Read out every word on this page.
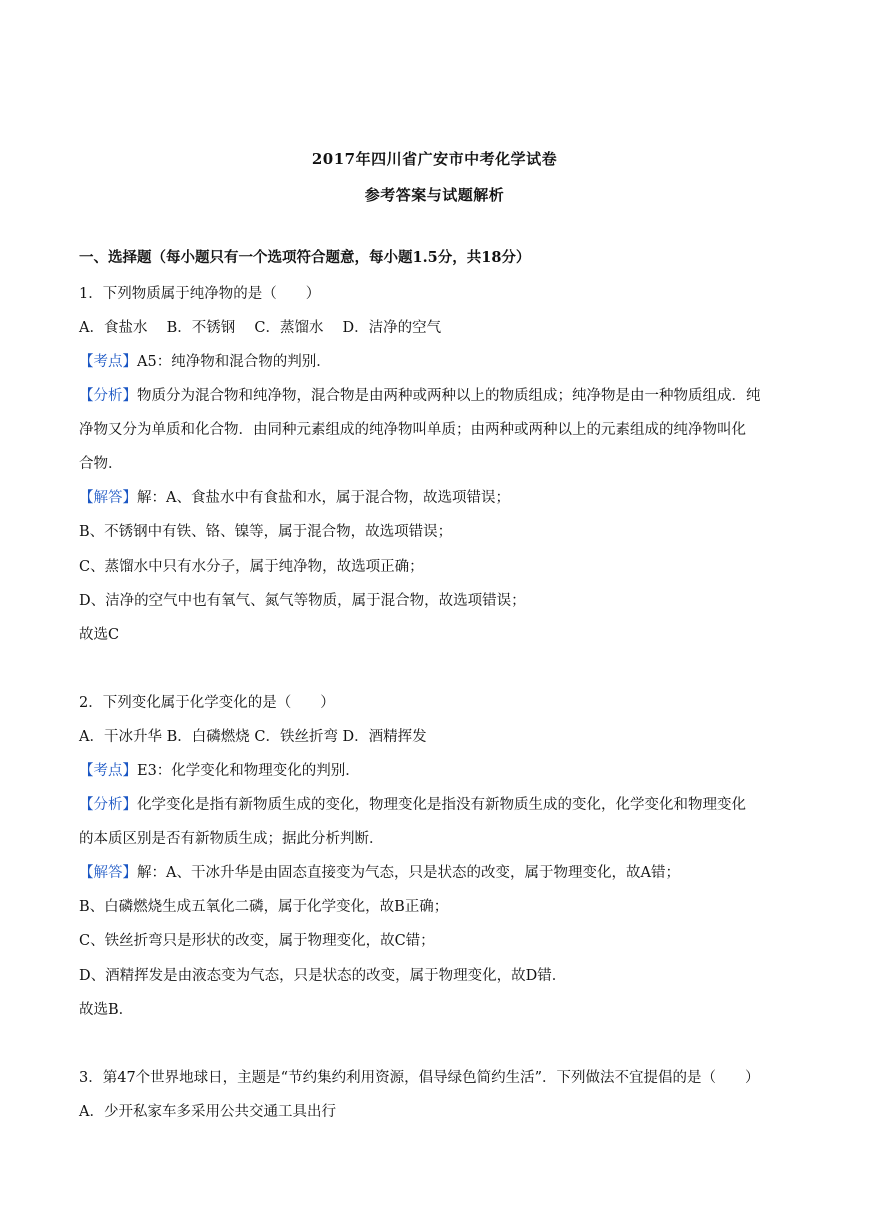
2017年四川省广安市中考化学试卷
参考答案与试题解析
一、选择题（每小题只有一个选项符合题意，每小题1.5分，共18分）
1．下列物质属于纯净物的是（　　）
A．食盐水　 B．不锈钢　 C．蒸馏水　 D．洁净的空气
【考点】A5：纯净物和混合物的判别．
【分析】物质分为混合物和纯净物，混合物是由两种或两种以上的物质组成；纯净物是由一种物质组成．纯
净物又分为单质和化合物．由同种元素组成的纯净物叫单质；由两种或两种以上的元素组成的纯净物叫化
合物．
【解答】解：A、食盐水中有食盐和水，属于混合物，故选项错误；
B、不锈钢中有铁、铬、镍等，属于混合物，故选项错误；
C、蒸馏水中只有水分子，属于纯净物，故选项正确；
D、洁净的空气中也有氧气、氮气等物质，属于混合物，故选项错误；
故选C
2．下列变化属于化学变化的是（　　）
A．干冰升华 B．白磷燃烧 C．铁丝折弯 D．酒精挥发
【考点】E3：化学变化和物理变化的判别．
【分析】化学变化是指有新物质生成的变化，物理变化是指没有新物质生成的变化，化学变化和物理变化
的本质区别是否有新物质生成；据此分析判断．
【解答】解：A、干冰升华是由固态直接变为气态，只是状态的改变，属于物理变化，故A错；
B、白磷燃烧生成五氧化二磷，属于化学变化，故B正确；
C、铁丝折弯只是形状的改变，属于物理变化，故C错；
D、酒精挥发是由液态变为气态，只是状态的改变，属于物理变化，故D错．
故选B．
3．第47个世界地球日，主题是“节约集约利用资源，倡导绿色简约生活”．下列做法不宜提倡的是（　　）
A．少开私家车多采用公共交通工具出行
